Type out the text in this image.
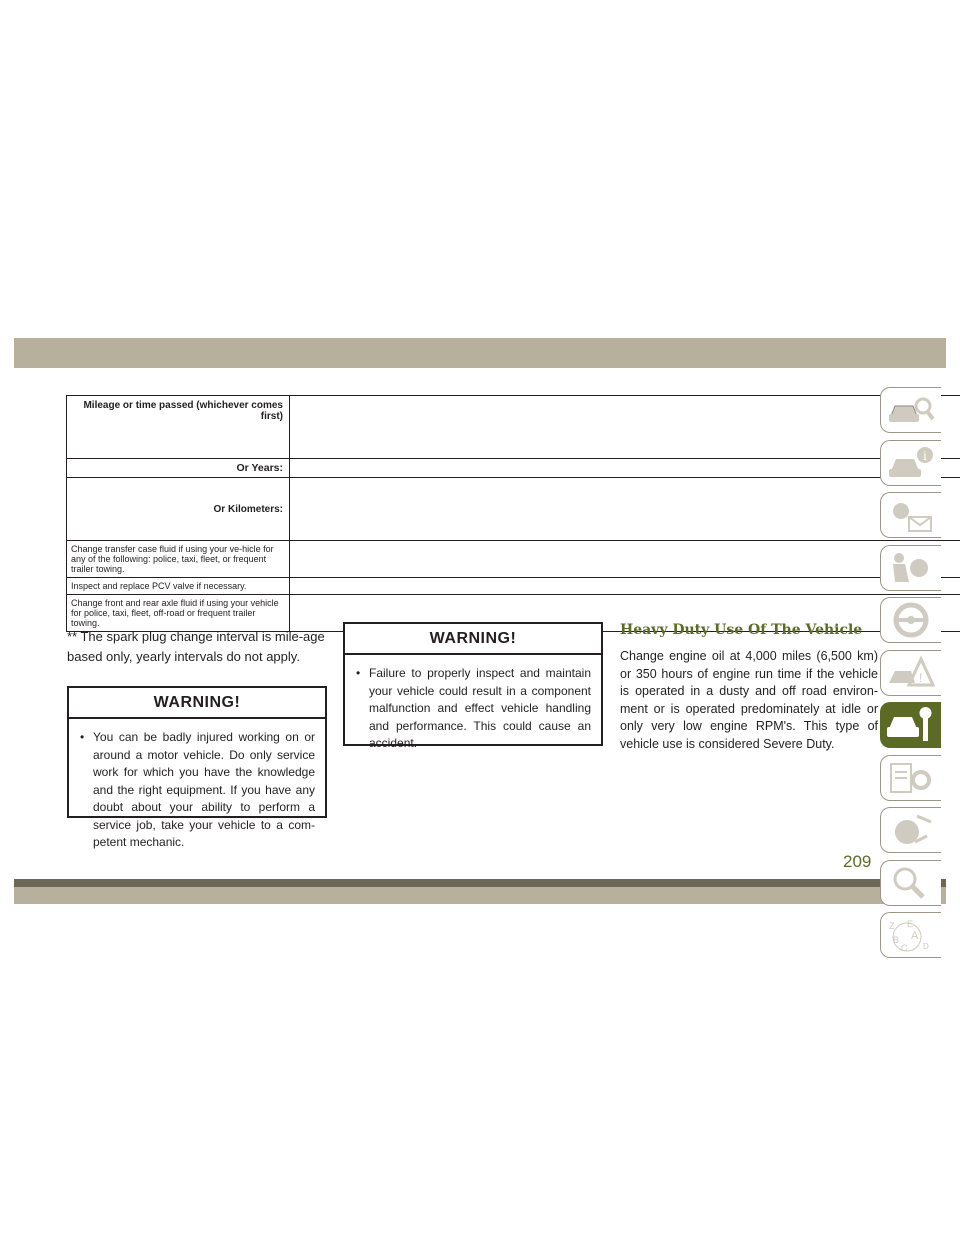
Mileage or time passed (whichever comes first)														
Or Years:														
Or Kilometers:														
Change transfer case fluid if using your ve-hicle for any of the following: police, taxi, fleet, or frequent trailer towing.														
Inspect and replace PCV valve if necessary.														
Change front and rear axle fluid if using your vehicle for police, taxi, fleet, off-road or frequent trailer towing.														
** The spark plug change interval is mile-age based only, yearly intervals do not apply.
WARNING!
• You can be badly injured working on or around a motor vehicle. Do only service work for which you have the knowledge and the right equipment. If you have any doubt about your ability to perform a service job, take your vehicle to a com-petent mechanic.
WARNING!
• Failure to properly inspect and maintain your vehicle could result in a component malfunction and effect vehicle handling and performance. This could cause an accident.
Heavy Duty Use Of The Vehicle
Change engine oil at 4,000 miles (6,500 km) or 350 hours of engine run time if the vehicle is operated in a dusty and off road environ-ment or is operated predominately at idle or only very low engine RPM's. This type of vehicle use is considered Severe Duty.
209
i
!
Z E
A
B
C D
